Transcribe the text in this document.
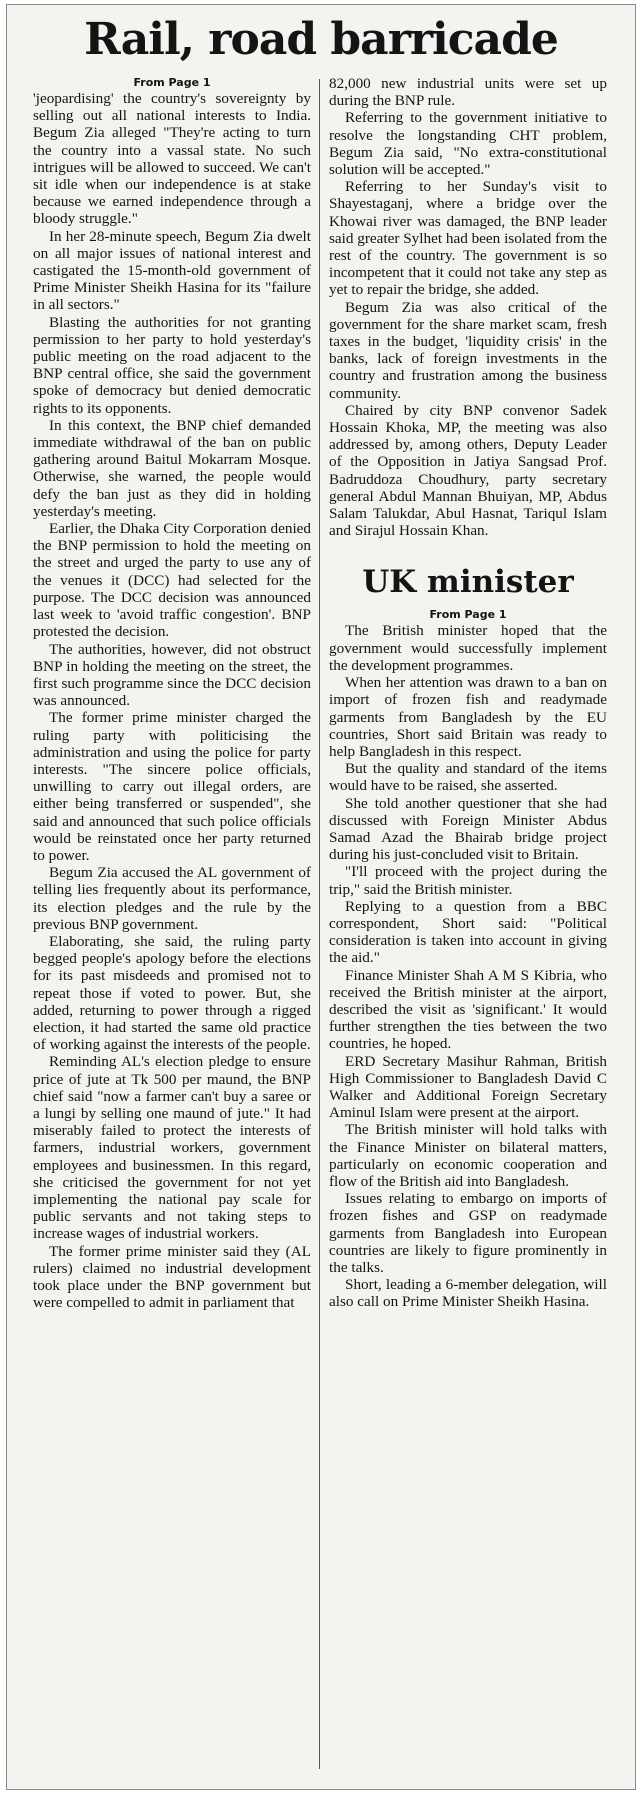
Rail, road barricade

From Page 1

'jeopardising' the country's sovereignty by selling out all national interests to India. Begum Zia alleged "They're acting to turn the country into a vassal state. No such intrigues will be allowed to succeed. We can't sit idle when our independence is at stake because we earned independence through a bloody struggle."

In her 28-minute speech, Begum Zia dwelt on all major issues of national interest and castigated the 15-month-old government of Prime Minister Sheikh Hasina for its "failure in all sectors."

Blasting the authorities for not granting permission to her party to hold yesterday's public meeting on the road adjacent to the BNP central office, she said the government spoke of democracy but denied democratic rights to its opponents.

In this context, the BNP chief demanded immediate withdrawal of the ban on public gathering around Baitul Mokarram Mosque. Otherwise, she warned, the people would defy the ban just as they did in holding yesterday's meeting.

Earlier, the Dhaka City Corporation denied the BNP permission to hold the meeting on the street and urged the party to use any of the venues it (DCC) had selected for the purpose. The DCC decision was announced last week to 'avoid traffic congestion'. BNP protested the decision.

The authorities, however, did not obstruct BNP in holding the meeting on the street, the first such programme since the DCC decision was announced.

The former prime minister charged the ruling party with politicising the administration and using the police for party interests. "The sincere police officials, unwilling to carry out illegal orders, are either being transferred or suspended", she said and announced that such police officials would be reinstated once her party returned to power.

Begum Zia accused the AL government of telling lies frequently about its performance, its election pledges and the rule by the previous BNP government.

Elaborating, she said, the ruling party begged people's apology before the elections for its past misdeeds and promised not to repeat those if voted to power. But, she added, returning to power through a rigged election, it had started the same old practice of working against the interests of the people.

Reminding AL's election pledge to ensure price of jute at Tk 500 per maund, the BNP chief said "now a farmer can't buy a saree or a lungi by selling one maund of jute." It had miserably failed to protect the interests of farmers, industrial workers, government employees and businessmen. In this regard, she criticised the government for not yet implementing the national pay scale for public servants and not taking steps to increase wages of industrial workers.

The former prime minister said they (AL rulers) claimed no industrial development took place under the BNP government but were compelled to admit in parliament that

82,000 new industrial units were set up during the BNP rule.

Referring to the government initiative to resolve the longstanding CHT problem, Begum Zia said, "No extra-constitutional solution will be accepted."

Referring to her Sunday's visit to Shayestaganj, where a bridge over the Khowai river was damaged, the BNP leader said greater Sylhet had been isolated from the rest of the country. The government is so incompetent that it could not take any step as yet to repair the bridge, she added.

Begum Zia was also critical of the government for the share market scam, fresh taxes in the budget, 'liquidity crisis' in the banks, lack of foreign investments in the country and frustration among the business community.

Chaired by city BNP convenor Sadek Hossain Khoka, MP, the meeting was also addressed by, among others, Deputy Leader of the Opposition in Jatiya Sangsad Prof. Badruddoza Choudhury, party secretary general Abdul Mannan Bhuiyan, MP, Abdus Salam Talukdar, Abul Hasnat, Tariqul Islam and Sirajul Hossain Khan.

UK minister

From Page 1

The British minister hoped that the government would successfully implement the development programmes.

When her attention was drawn to a ban on import of frozen fish and readymade garments from Bangladesh by the EU countries, Short said Britain was ready to help Bangladesh in this respect.

But the quality and standard of the items would have to be raised, she asserted.

She told another questioner that she had discussed with Foreign Minister Abdus Samad Azad the Bhairab bridge project during his just-concluded visit to Britain.

"I'll proceed with the project during the trip," said the British minister.

Replying to a question from a BBC correspondent, Short said: "Political consideration is taken into account in giving the aid."

Finance Minister Shah A M S Kibria, who received the British minister at the airport, described the visit as 'significant.' It would further strengthen the ties between the two countries, he hoped.

ERD Secretary Masihur Rahman, British High Commissioner to Bangladesh David C Walker and Additional Foreign Secretary Aminul Islam were present at the airport.

The British minister will hold talks with the Finance Minister on bilateral matters, particularly on economic cooperation and flow of the British aid into Bangladesh.

Issues relating to embargo on imports of frozen fishes and GSP on readymade garments from Bangladesh into European countries are likely to figure prominently in the talks.

Short, leading a 6-member delegation, will also call on Prime Minister Sheikh Hasina.
